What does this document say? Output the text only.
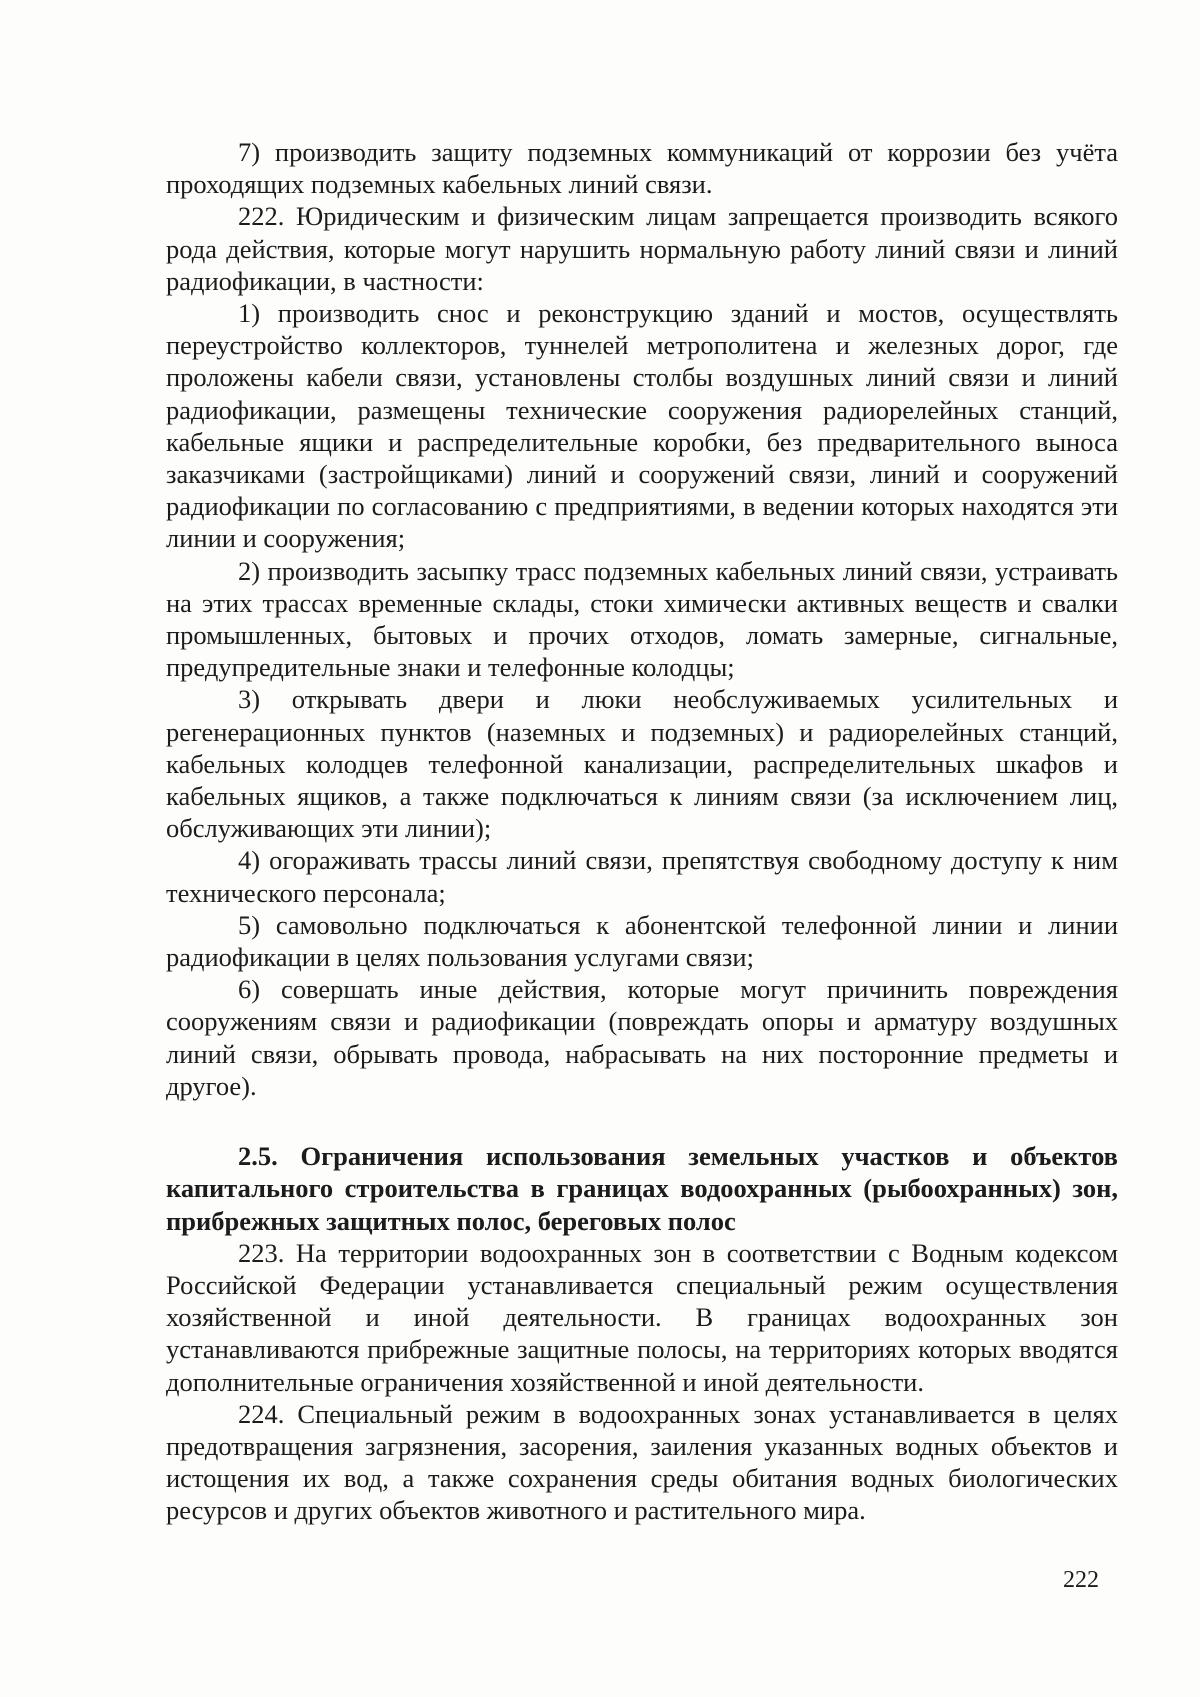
7) производить защиту подземных коммуникаций от коррозии без учёта проходящих подземных кабельных линий связи.

222. Юридическим и физическим лицам запрещается производить всякого рода действия, которые могут нарушить нормальную работу линий связи и линий радиофикации, в частности:

1) производить снос и реконструкцию зданий и мостов, осуществлять переустройство коллекторов, туннелей метрополитена и железных дорог, где проложены кабели связи, установлены столбы воздушных линий связи и линий радиофикации, размещены технические сооружения радиорелейных станций, кабельные ящики и распределительные коробки, без предварительного выноса заказчиками (застройщиками) линий и сооружений связи, линий и сооружений радиофикации по согласованию с предприятиями, в ведении которых находятся эти линии и сооружения;

2) производить засыпку трасс подземных кабельных линий связи, устраивать на этих трассах временные склады, стоки химически активных веществ и свалки промышленных, бытовых и прочих отходов, ломать замерные, сигнальные, предупредительные знаки и телефонные колодцы;

3) открывать двери и люки необслуживаемых усилительных и регенерационных пунктов (наземных и подземных) и радиорелейных станций, кабельных колодцев телефонной канализации, распределительных шкафов и кабельных ящиков, а также подключаться к линиям связи (за исключением лиц, обслуживающих эти линии);

4) огораживать трассы линий связи, препятствуя свободному доступу к ним технического персонала;

5) самовольно подключаться к абонентской телефонной линии и линии радиофикации в целях пользования услугами связи;

6) совершать иные действия, которые могут причинить повреждения сооружениям связи и радиофикации (повреждать опоры и арматуру воздушных линий связи, обрывать провода, набрасывать на них посторонние предметы и другое).

2.5. Ограничения использования земельных участков и объектов капитального строительства в границах водоохранных (рыбоохранных) зон, прибрежных защитных полос, береговых полос

223. На территории водоохранных зон в соответствии с Водным кодексом Российской Федерации устанавливается специальный режим осуществления хозяйственной и иной деятельности. В границах водоохранных зон устанавливаются прибрежные защитные полосы, на территориях которых вводятся дополнительные ограничения хозяйственной и иной деятельности.

224. Специальный режим в водоохранных зонах устанавливается в целях предотвращения загрязнения, засорения, заиления указанных водных объектов и истощения их вод, а также сохранения среды обитания водных биологических ресурсов и других объектов животного и растительного мира.

222
